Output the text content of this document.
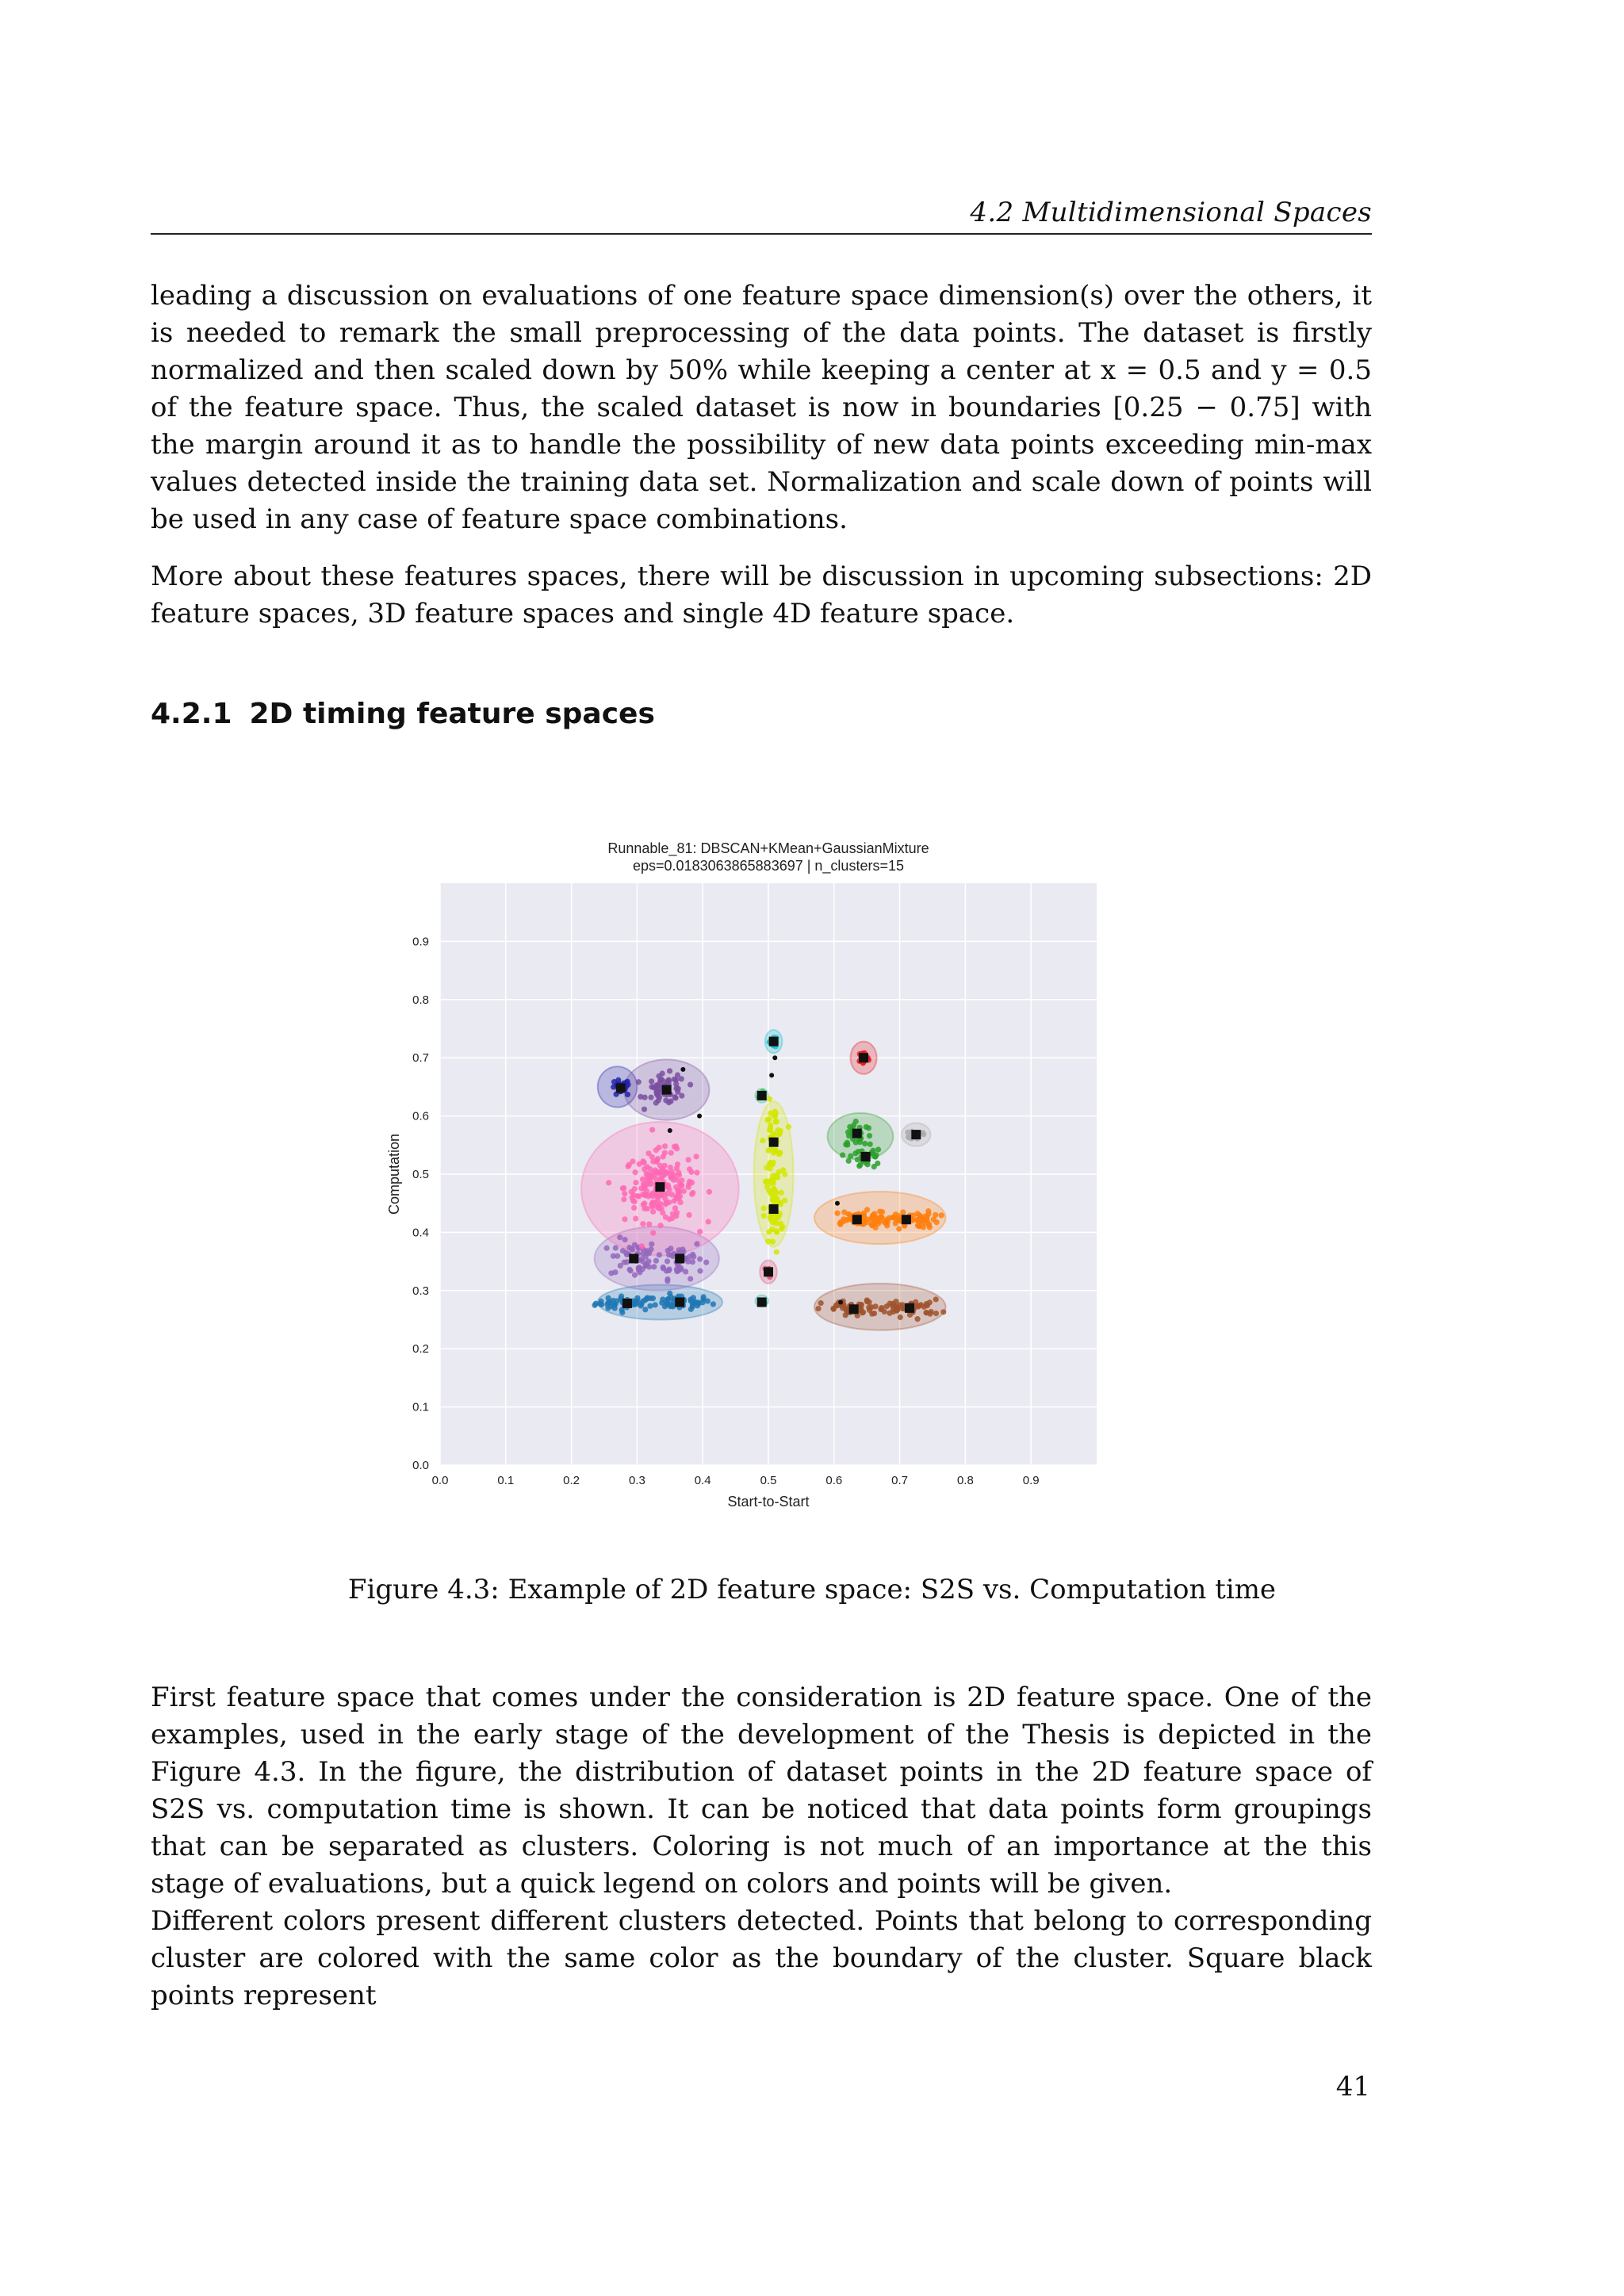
4.2 Multidimensional Spaces

leading a discussion on evaluations of one feature space dimension(s) over the others, it is needed to remark the small preprocessing of the data points. The dataset is firstly normalized and then scaled down by 50% while keeping a center at x = 0.5 and y = 0.5 of the feature space. Thus, the scaled dataset is now in boundaries [0.25 − 0.75] with the margin around it as to handle the possibility of new data points exceeding min-max values detected inside the training data set. Normalization and scale down of points will be used in any case of feature space combinations.

More about these features spaces, there will be discussion in upcoming subsections: 2D feature spaces, 3D feature spaces and single 4D feature space.

4.2.1 2D timing feature spaces
0.0	0.1	0.2	0.3	0.4	0.5	0.6	0.7	0.8	0.9
0.0
0.1
0.2
0.3
0.4
0.5
0.6
0.7
0.8
0.9
Runnable_81: DBSCAN+KMean+GaussianMixture
eps=0.0183063865883697 | n_clusters=15
Start-to-Start
Computation
Figure 4.3: Example of 2D feature space: S2S vs. Computation time

First feature space that comes under the consideration is 2D feature space. One of the examples, used in the early stage of the development of the Thesis is depicted in the Figure 4.3. In the figure, the distribution of dataset points in the 2D feature space of S2S vs. computation time is shown. It can be noticed that data points form groupings that can be separated as clusters. Coloring is not much of an importance at the this stage of evaluations, but a quick legend on colors and points will be given.

Different colors present different clusters detected. Points that belong to corresponding cluster are colored with the same color as the boundary of the cluster. Square black points represent

41
